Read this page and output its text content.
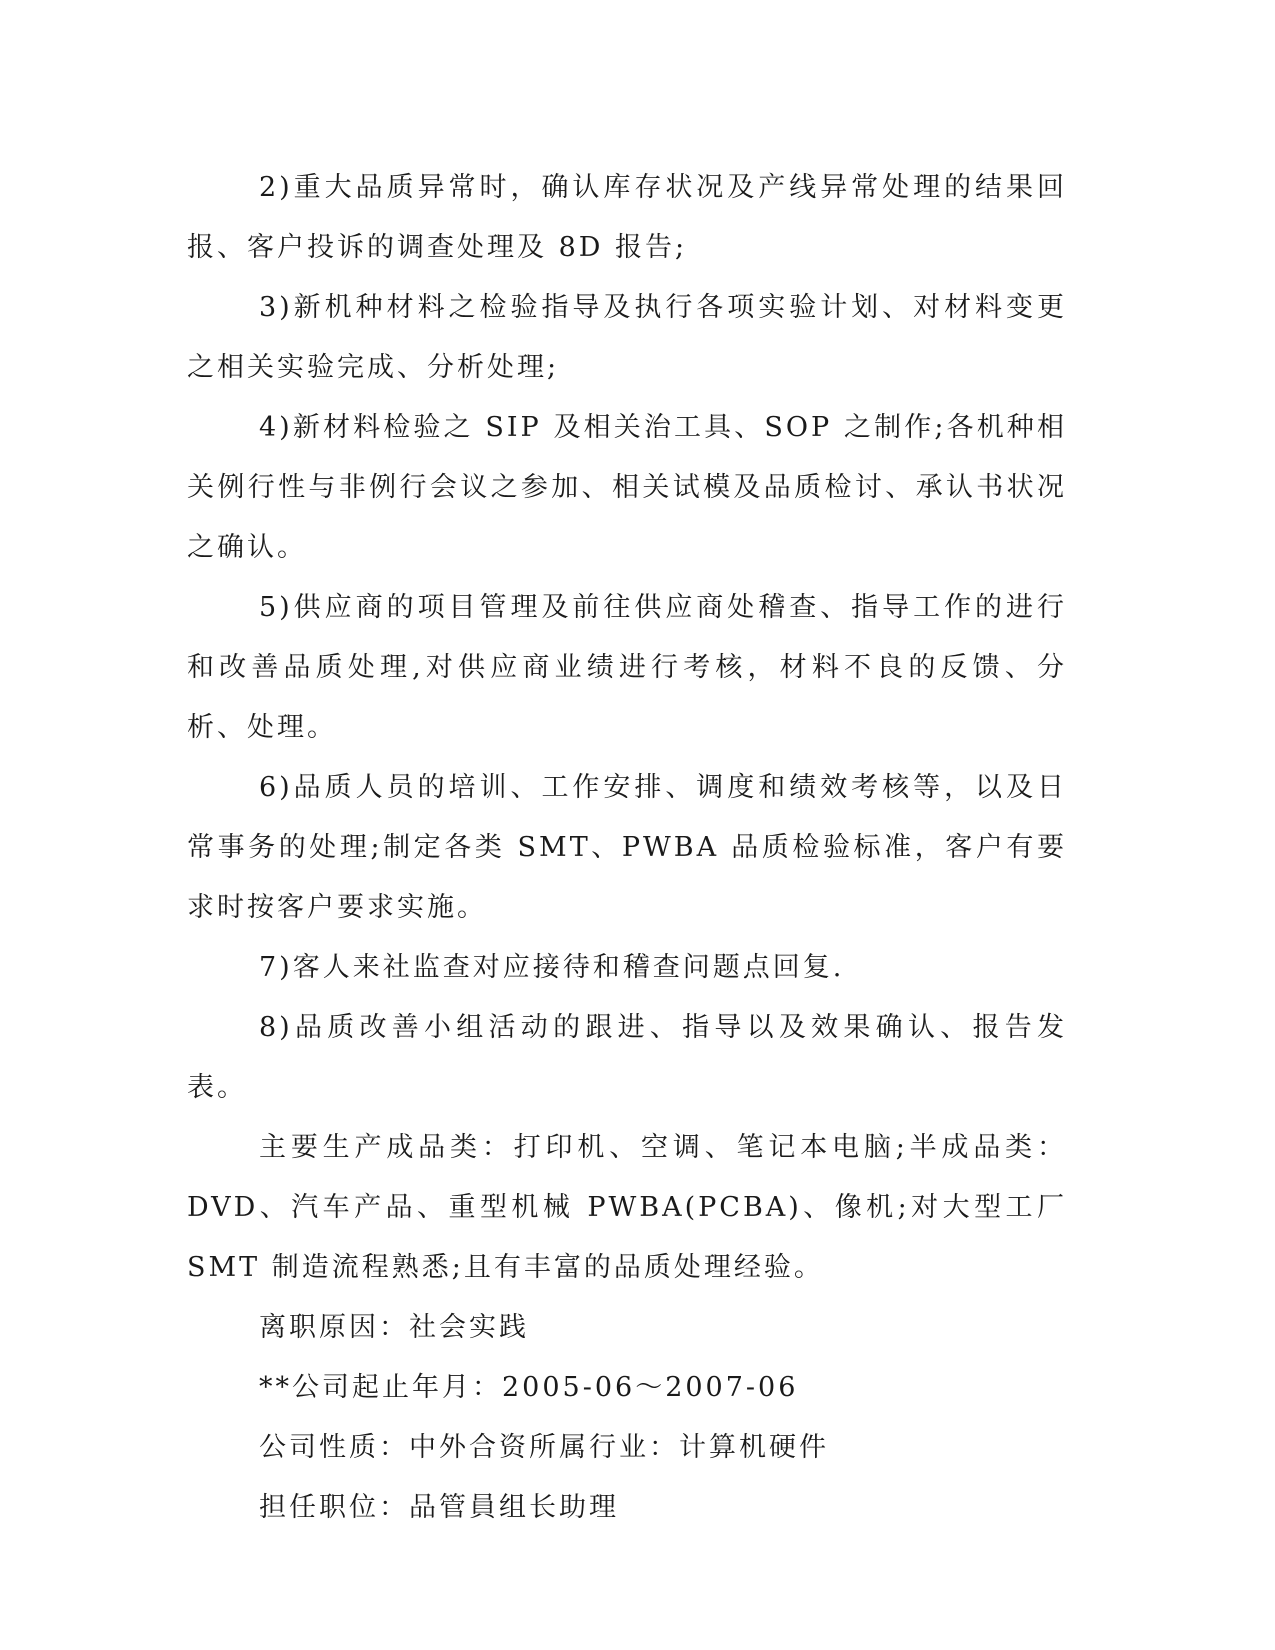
2)重大品质异常时，确认库存状况及产线异常处理的结果回报、客户投诉的调查处理及 8D 报告;

3)新机种材料之检验指导及执行各项实验计划、对材料变更之相关实验完成、分析处理;

4)新材料检验之 SIP 及相关治工具、SOP 之制作;各机种相关例行性与非例行会议之参加、相关试模及品质检讨、承认书状况之确认。

5)供应商的项目管理及前往供应商处稽查、指导工作的进行和改善品质处理,对供应商业绩进行考核，材料不良的反馈、分析、处理。

6)品质人员的培训、工作安排、调度和绩效考核等，以及日常事务的处理;制定各类 SMT、PWBA 品质检验标准，客户有要求时按客户要求实施。

7)客人来社监查对应接待和稽查问题点回复.

8)品质改善小组活动的跟进、指导以及效果确认、报告发表。

主要生产成品类：打印机、空调、笔记本电脑;半成品类：DVD、汽车产品、重型机械 PWBA(PCBA)、像机;对大型工厂 SMT 制造流程熟悉;且有丰富的品质处理经验。

离职原因：社会实践

**公司起止年月：2005-06～2007-06

公司性质：中外合资所属行业：计算机硬件

担任职位：品管員组长助理
